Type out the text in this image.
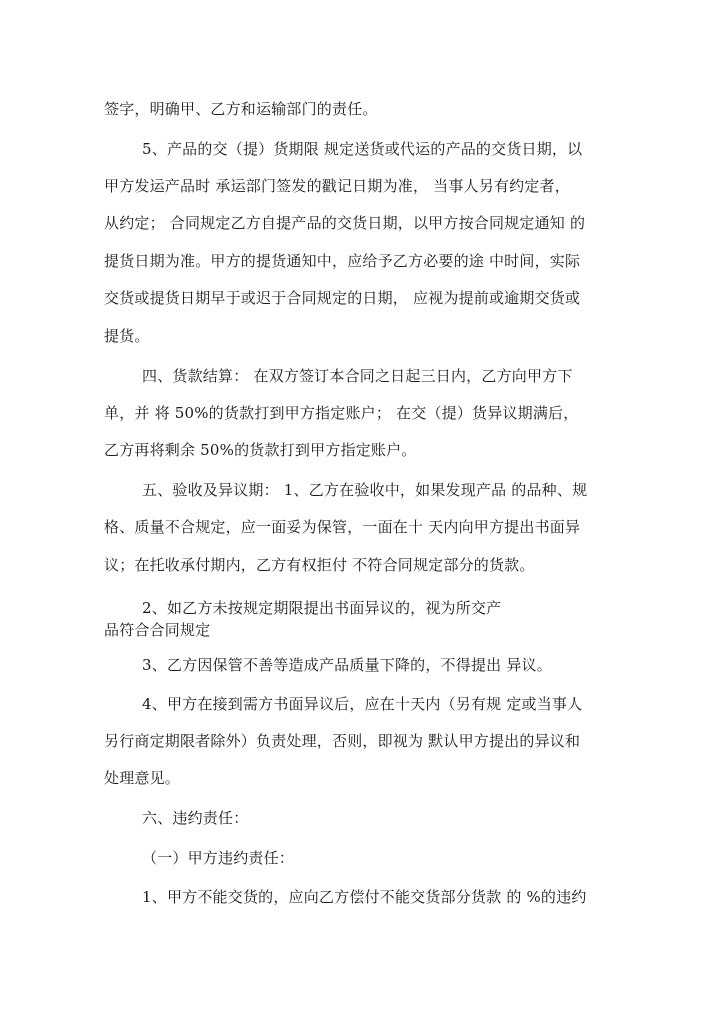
签字，明确甲、乙方和运输部门的责任。
5、产品的交（提）货期限 规定送货或代运的产品的交货日期，以
甲方发运产品时 承运部门签发的戳记日期为准， 当事人另有约定者，
从约定； 合同规定乙方自提产品的交货日期，以甲方按合同规定通知 的
提货日期为准。甲方的提货通知中，应给予乙方必要的途 中时间，实际
交货或提货日期早于或迟于合同规定的日期， 应视为提前或逾期交货或
提货。
四、货款结算： 在双方签订本合同之日起三日内，乙方向甲方下
单，并 将 50%的货款打到甲方指定账户； 在交（提）货异议期满后，
乙方再将剩余 50%的货款打到甲方指定账户。
五、验收及异议期： 1、乙方在验收中，如果发现产品 的品种、规
格、质量不合规定，应一面妥为保管，一面在十 天内向甲方提出书面异
议；在托收承付期内，乙方有权拒付 不符合同规定部分的货款。
2、如乙方未按规定期限提出书面异议的，视为所交产
品符合合同规定
3、乙方因保管不善等造成产品质量下降的，不得提出 异议。
4、甲方在接到需方书面异议后，应在十天内（另有规 定或当事人
另行商定期限者除外）负责处理，否则，即视为 默认甲方提出的异议和
处理意见。
六、违约责任：
（一）甲方违约责任：
1、甲方不能交货的，应向乙方偿付不能交货部分货款 的 %的违约
